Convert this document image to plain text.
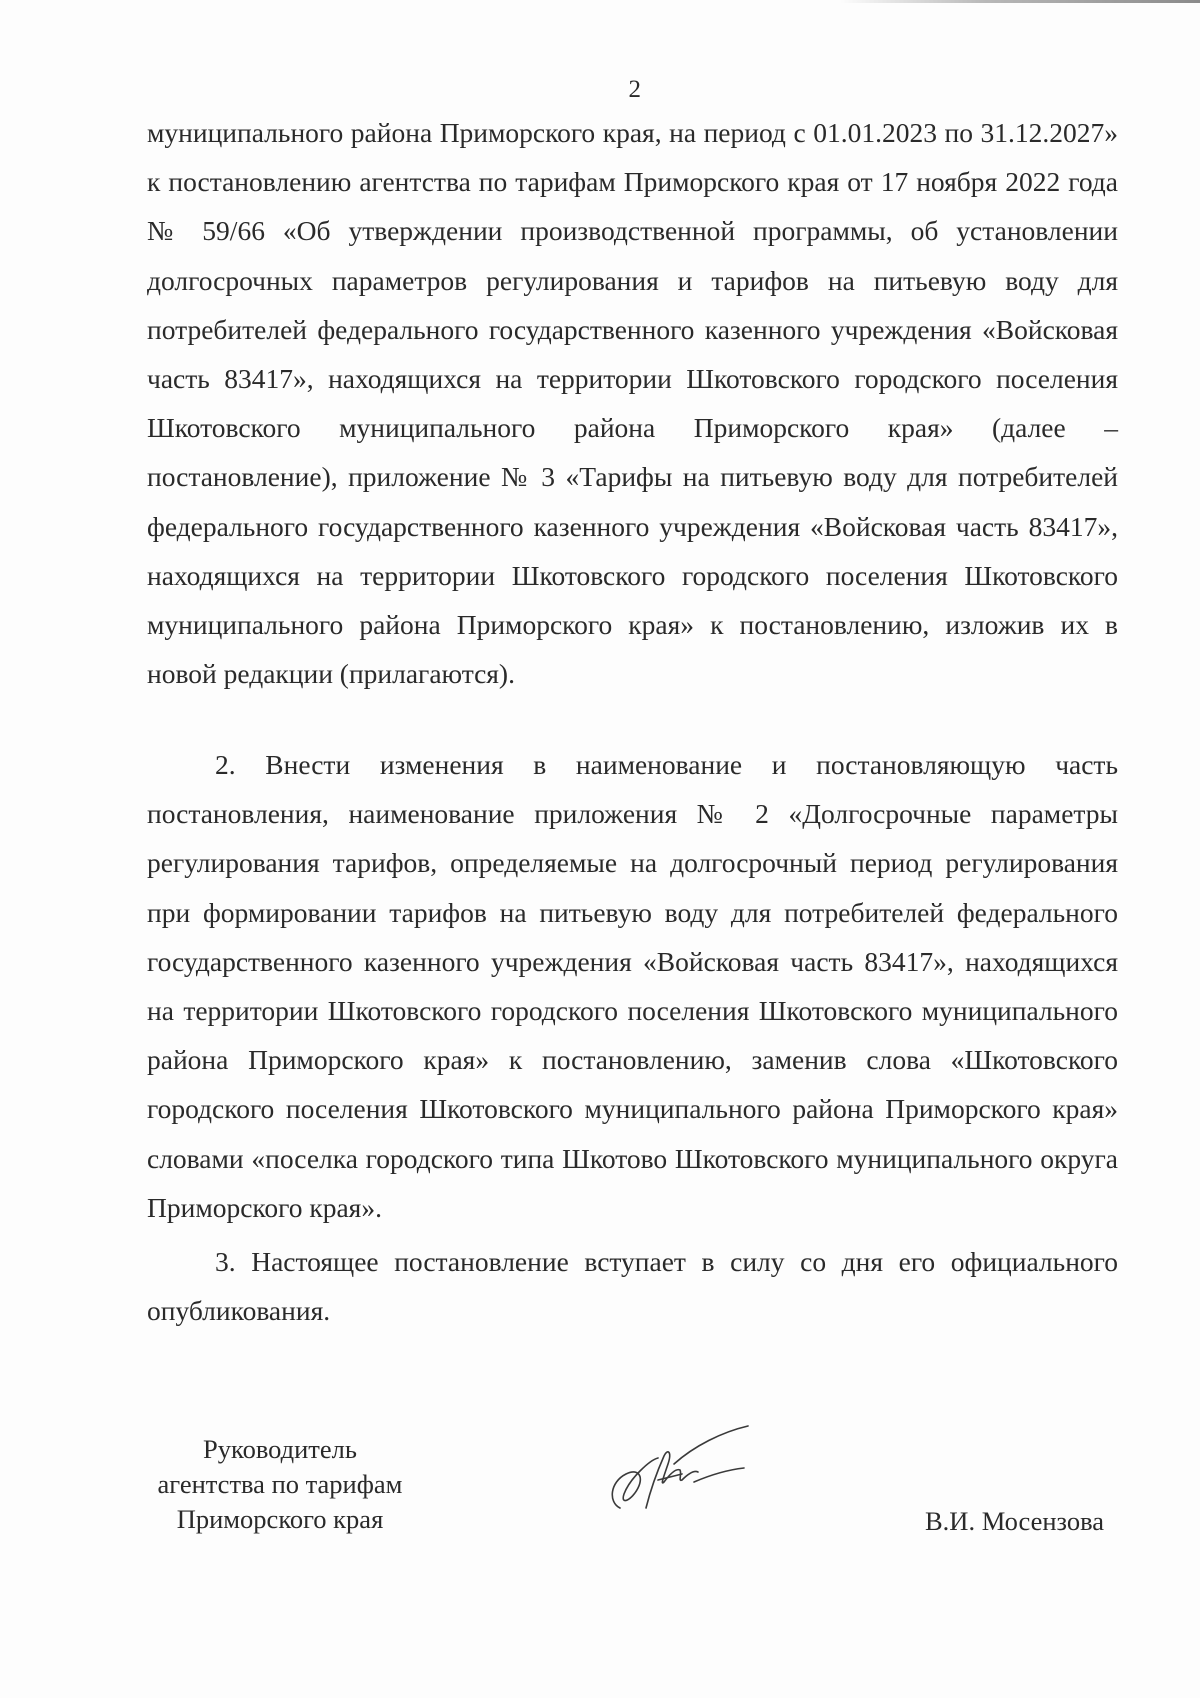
2

муниципального района Приморского края, на период с 01.01.2023 по 31.12.2027» к постановлению агентства по тарифам Приморского края от 17 ноября 2022 года № 59/66 «Об утверждении производственной программы, об установлении долгосрочных параметров регулирования и тарифов на питьевую воду для потребителей федерального государственного казенного учреждения «Войсковая часть 83417», находящихся на территории Шкотовского городского поселения Шкотовского муниципального района Приморского края» (далее – постановление), приложение № 3 «Тарифы на питьевую воду для потребителей федерального государственного казенного учреждения «Войсковая часть 83417», находящихся на территории Шкотовского городского поселения Шкотовского муниципального района Приморского края» к постановлению, изложив их в новой редакции (прилагаются).

2. Внести изменения в наименование и постановляющую часть постановления, наименование приложения № 2 «Долгосрочные параметры регулирования тарифов, определяемые на долгосрочный период регулирования при формировании тарифов на питьевую воду для потребителей федерального государственного казенного учреждения «Войсковая часть 83417», находящихся на территории Шкотовского городского поселения Шкотовского муниципального района Приморского края» к постановлению, заменив слова «Шкотовского городского поселения Шкотовского муниципального района Приморского края» словами «поселка городского типа Шкотово Шкотовского муниципального округа Приморского края».

3. Настоящее постановление вступает в силу со дня его официального опубликования.

Руководитель
агентства по тарифам
Приморского края	В.И. Мосензова
